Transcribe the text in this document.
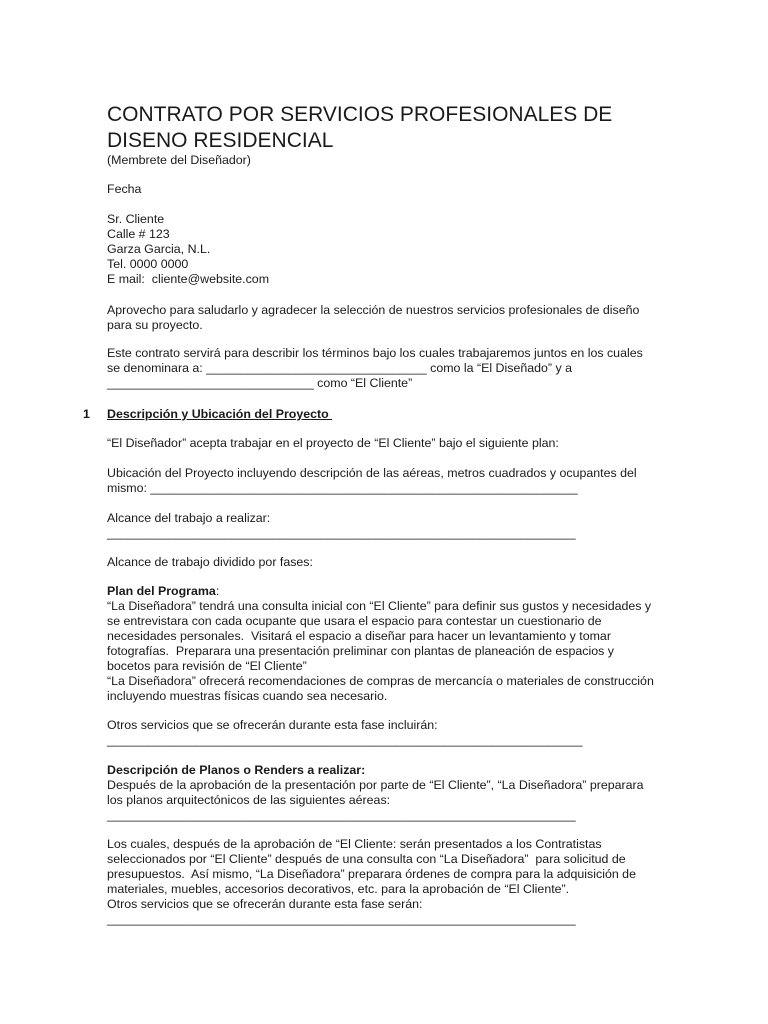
CONTRATO POR SERVICIOS PROFESIONALES DE DISENO RESIDENCIAL
(Membrete del Diseñador)
Fecha
Sr. Cliente
Calle # 123
Garza Garcia, N.L.
Tel. 0000 0000
E mail:  cliente@website.com
Aprovecho para saludarlo y agradecer la selección de nuestros servicios profesionales de diseño
para su proyecto.
Este contrato servirá para describir los términos bajo los cuales trabajaremos juntos en los cuales
se denominara a: ________________________________ como la “El Diseñado” y a
______________________________ como “El Cliente”
1 Descripción y Ubicación del Proyecto
“El Diseñador” acepta trabajar en el proyecto de “El Cliente” bajo el siguiente plan:
Ubicación del Proyecto incluyendo descripción de las aéreas, metros cuadrados y ocupantes del
mismo: ______________________________________________________________
Alcance del trabajo a realizar:
____________________________________________________________________
Alcance de trabajo dividido por fases:
Plan del Programa:
“La Diseñadora” tendrá una consulta inicial con “El Cliente” para definir sus gustos y necesidades y
se entrevistara con cada ocupante que usara el espacio para contestar un cuestionario de
necesidades personales.  Visitará el espacio a diseñar para hacer un levantamiento y tomar
fotografías.  Preparara una presentación preliminar con plantas de planeación de espacios y
bocetos para revisión de “El Cliente”
“La Diseñadora” ofrecerá recomendaciones de compras de mercancía o materiales de construcción
incluyendo muestras físicas cuando sea necesario.
Otros servicios que se ofrecerán durante esta fase incluirán:
_____________________________________________________________________
Descripción de Planos o Renders a realizar:
Después de la aprobación de la presentación por parte de “El Cliente”, “La Diseñadora” preparara
los planos arquitectónicos de las siguientes aéreas:
____________________________________________________________________
Los cuales, después de la aprobación de “El Cliente: serán presentados a los Contratistas
seleccionados por “El Cliente” después de una consulta con “La Diseñadora”  para solicitud de
presupuestos.  Así mismo, “La Diseñadora” preparara órdenes de compra para la adquisición de
materiales, muebles, accesorios decorativos, etc. para la aprobación de “El Cliente”.
Otros servicios que se ofrecerán durante esta fase serán:
____________________________________________________________________
